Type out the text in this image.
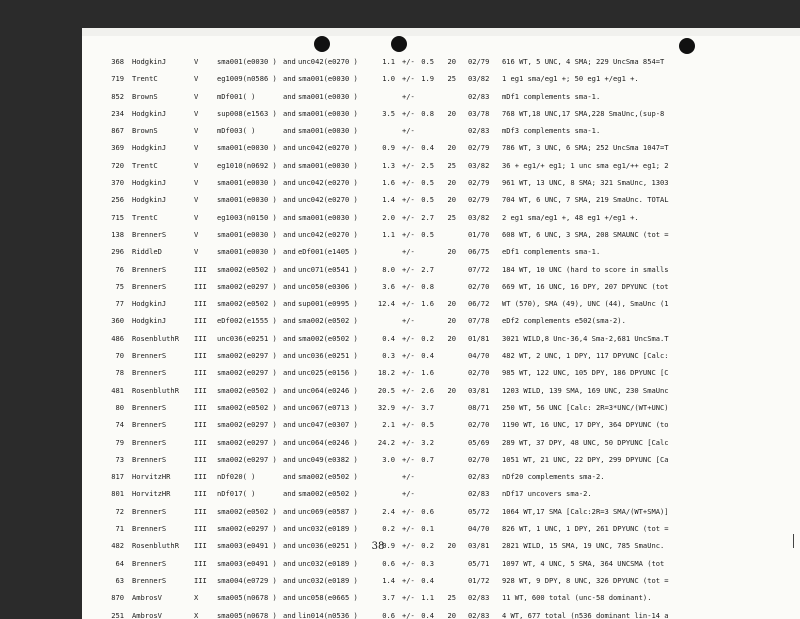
368 HodgkinJ	V	sma001(e0030 ) and unc042(e0270 )	1.1 +/- 0.5	20 02/79 616 WT, 5 UNC, 4 SMA; 229 UncSma 854=T
719 TrentC	V	eg1009(n0586 ) and sma001(e0030 )	1.0 +/- 1.9	25 03/82 1 eg1 sma/eg1 +; 50 eg1 +/eg1 +.
852 BrownS	V	mDf001( )	and sma001(e0030 )	+/-	02/83 mDf1 complements sma-1.
234 HodgkinJ	V	sup008(e1563 ) and sma001(e0030 )	3.5 +/- 0.8	20 03/78 768 WT,18 UNC,17 SMA,228 SmaUnc,(sup-8
867 BrownS	V	mDf003( )	and sma001(e0030 )	+/-	02/83 mDf3 complements sma-1.
369 HodgkinJ	V	sma001(e0030 ) and unc042(e0270 )	0.9 +/- 0.4	20 02/79 786 WT, 3 UNC, 6 SMA; 252 UncSma 1047=T
720 TrentC	V	eg1010(n0692 ) and sma001(e0030 )	1.3 +/- 2.5	25 03/82 36 + eg1/+ eg1; 1 unc sma eg1/++ eg1; 2
370 HodgkinJ	V	sma001(e0030 ) and unc042(e0270 )	1.6 +/- 0.5	20 02/79 961 WT, 13 UNC, 8 SMA; 321 SmaUnc, 1303
256 HodgkinJ	V	sma001(e0030 ) and unc042(e0270 )	1.4 +/- 0.5	20 02/79 704 WT, 6 UNC, 7 SMA, 219 SmaUnc. TOTAL
715 TrentC	V	eg1003(n0150 ) and sma001(e0030 )	2.0 +/- 2.7	25 03/82 2 eg1 sma/eg1 +, 48 eg1 +/eg1 +.
138 BrennerS	V	sma001(e0030 ) and unc042(e0270 )	1.1 +/- 0.5	01/70 608 WT, 6 UNC, 3 SMA, 208 SMAUNC (tot =
296 RiddleD	V	sma001(e0030 ) and eDf001(e1405 )	+/-	20 06/75 eDf1 complements sma-1.
76 BrennerS	III sma002(e0502 ) and unc071(e0541 )	8.0 +/- 2.7	07/72 184 WT, 10 UNC (hard to score in smalls
75 BrennerS	III sma002(e0297 ) and unc050(e0306 )	3.6 +/- 0.8	02/70 669 WT, 16 UNC, 16 DPY, 207 DPYUNC (tot
77 HodgkinJ	III sma002(e0502 ) and sup001(e0995 )	12.4 +/- 1.6	20 06/72 WT (570), SMA (49), UNC (44), SmaUnc (1
360 HodgkinJ	III eDf002(e1555 ) and sma002(e0502 )	+/-	20 07/78 eDf2 complements e502(sma-2).
486 RosenbluthR III unc036(e0251 ) and sma002(e0502 )	0.4 +/- 0.2	20 01/81 3021 WILD,8 Unc-36,4 Sma-2,681 UncSma.T
70 BrennerS	III sma002(e0297 ) and unc036(e0251 )	0.3 +/- 0.4	04/70 482 WT, 2 UNC, 1 DPY, 117 DPYUNC [Calc:
78 BrennerS	III sma002(e0297 ) and unc025(e0156 )	18.2 +/- 1.6	02/70 985 WT, 122 UNC, 105 DPY, 186 DPYUNC [C
481 RosenbluthR III sma002(e0502 ) and unc064(e0246 )	20.5 +/- 2.6	20 03/81 1203 WILD, 139 SMA, 169 UNC, 230 SmaUnc
80 BrennerS	III sma002(e0502 ) and unc067(e0713 )	32.9 +/- 3.7	08/71 250 WT, 56 UNC [Calc: 2R=3*UNC/(WT+UNC)
74 BrennerS	III sma002(e0297 ) and unc047(e0307 )	2.1 +/- 0.5	02/70 1190 WT, 16 UNC, 17 DPY, 364 DPYUNC (to
79 BrennerS	III sma002(e0297 ) and unc064(e0246 )	24.2 +/- 3.2	05/69 289 WT, 37 DPY, 48 UNC, 50 DPYUNC [Calc
73 BrennerS	III sma002(e0297 ) and unc049(e0382 )	3.0 +/- 0.7	02/70 1051 WT, 21 UNC, 22 DPY, 299 DPYUNC [Ca
817 HorvitzHR	III nDf020( )	and sma002(e0502 )	+/-	02/83 nDf20 complements sma-2.
801 HorvitzHR	III nDf017( )	and sma002(e0502 )	+/-	02/83 nDf17 uncovers sma-2.
72 BrennerS	III sma002(e0502 ) and unc069(e0587 )	2.4 +/- 0.6	05/72 1064 WT,17 SMA [Calc:2R=3 SMA/(WT+SMA)]
71 BrennerS	III sma002(e0297 ) and unc032(e0189 )	0.2 +/- 0.1	04/70 826 WT, 1 UNC, 1 DPY, 261 DPYUNC (tot =
482 RosenbluthR III sma003(e0491 ) and unc036(e0251 )	0.9 +/- 0.2	20 03/81 2821 WILD, 15 SMA, 19 UNC, 785 SmaUnc.
64 BrennerS	III sma003(e0491 ) and unc032(e0189 )	0.6 +/- 0.3	05/71 1097 WT, 4 UNC, 5 SMA, 364 UNCSMA (tot
63 BrennerS	III sma004(e0729 ) and unc032(e0189 )	1.4 +/- 0.4	01/72 928 WT, 9 DPY, 8 UNC, 326 DPYUNC (tot =
870 AmbrosV	X	sma005(n0678 ) and unc058(e0665 )	3.7 +/- 1.1	25 02/83 11 WT, 600 total (unc-58 dominant).
251 AmbrosV	X	sma005(n0678 ) and lin014(n0536 )	0.6 +/- 0.4	20 02/83 4 WT, 677 total (n536 dominant lin-14 a
38
